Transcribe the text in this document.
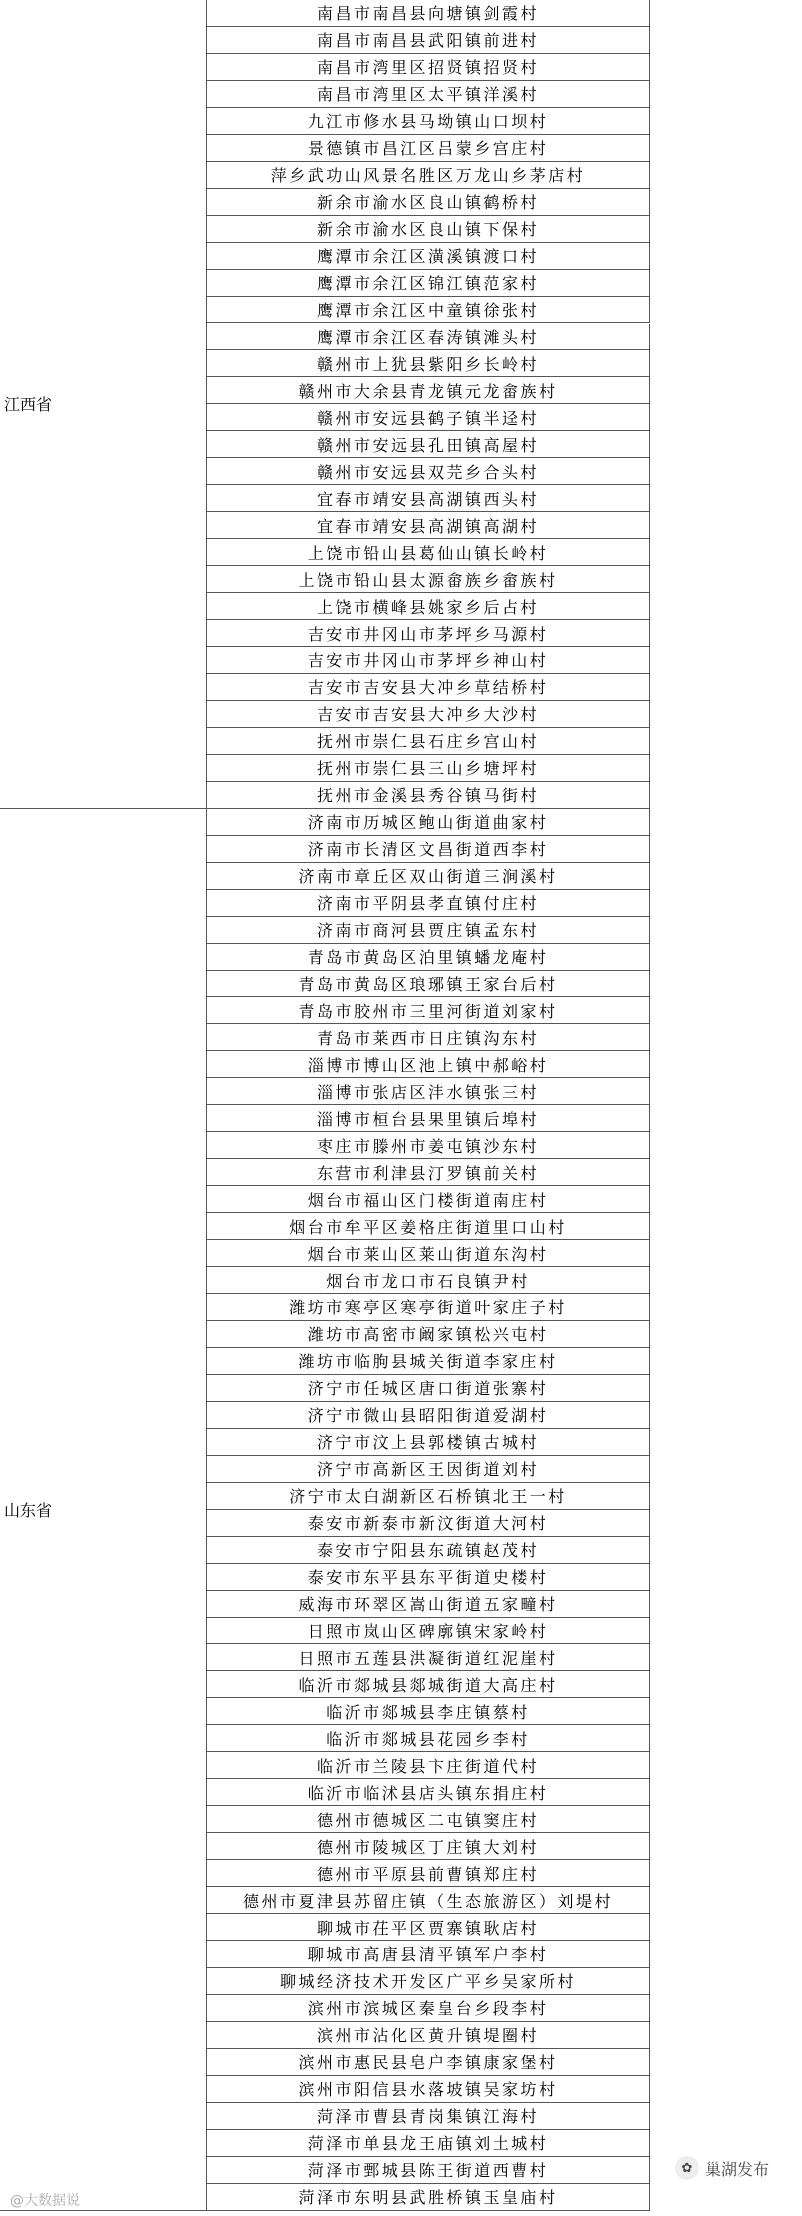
江西省
南昌市南昌县向塘镇剑霞村
南昌市南昌县武阳镇前进村
南昌市湾里区招贤镇招贤村
南昌市湾里区太平镇洋溪村
九江市修水县马坳镇山口坝村
景德镇市昌江区吕蒙乡宫庄村
萍乡武功山风景名胜区万龙山乡茅店村
新余市渝水区良山镇鹤桥村
新余市渝水区良山镇下保村
鹰潭市余江区潢溪镇渡口村
鹰潭市余江区锦江镇范家村
鹰潭市余江区中童镇徐张村
鹰潭市余江区春涛镇滩头村
赣州市上犹县紫阳乡长岭村
赣州市大余县青龙镇元龙畲族村
赣州市安远县鹤子镇半迳村
赣州市安远县孔田镇高屋村
赣州市安远县双芫乡合头村
宜春市靖安县高湖镇西头村
宜春市靖安县高湖镇高湖村
上饶市铅山县葛仙山镇长岭村
上饶市铅山县太源畲族乡畲族村
上饶市横峰县姚家乡后占村
吉安市井冈山市茅坪乡马源村
吉安市井冈山市茅坪乡神山村
吉安市吉安县大冲乡草结桥村
吉安市吉安县大冲乡大沙村
抚州市崇仁县石庄乡宫山村
抚州市崇仁县三山乡塘坪村
抚州市金溪县秀谷镇马街村
山东省
济南市历城区鲍山街道曲家村
济南市长清区文昌街道西李村
济南市章丘区双山街道三涧溪村
济南市平阴县孝直镇付庄村
济南市商河县贾庄镇孟东村
青岛市黄岛区泊里镇蟠龙庵村
青岛市黄岛区琅琊镇王家台后村
青岛市胶州市三里河街道刘家村
青岛市莱西市日庄镇沟东村
淄博市博山区池上镇中郝峪村
淄博市张店区沣水镇张三村
淄博市桓台县果里镇后埠村
枣庄市滕州市姜屯镇沙东村
东营市利津县汀罗镇前关村
烟台市福山区门楼街道南庄村
烟台市牟平区姜格庄街道里口山村
烟台市莱山区莱山街道东沟村
烟台市龙口市石良镇尹村
潍坊市寒亭区寒亭街道叶家庄子村
潍坊市高密市阚家镇松兴屯村
潍坊市临朐县城关街道李家庄村
济宁市任城区唐口街道张寨村
济宁市微山县昭阳街道爱湖村
济宁市汶上县郭楼镇古城村
济宁市高新区王因街道刘村
济宁市太白湖新区石桥镇北王一村
泰安市新泰市新汶街道大河村
泰安市宁阳县东疏镇赵茂村
泰安市东平县东平街道史楼村
威海市环翠区嵩山街道五家疃村
日照市岚山区碑廓镇宋家岭村
日照市五莲县洪凝街道红泥崖村
临沂市郯城县郯城街道大高庄村
临沂市郯城县李庄镇蔡村
临沂市郯城县花园乡李村
临沂市兰陵县卞庄街道代村
临沂市临沭县店头镇东捐庄村
德州市德城区二屯镇窦庄村
德州市陵城区丁庄镇大刘村
德州市平原县前曹镇郑庄村
德州市夏津县苏留庄镇（生态旅游区）刘堤村
聊城市茌平区贾寨镇耿店村
聊城市高唐县清平镇军户李村
聊城经济技术开发区广平乡吴家所村
滨州市滨城区秦皇台乡段李村
滨州市沾化区黄升镇堤圈村
滨州市惠民县皂户李镇康家堡村
滨州市阳信县水落坡镇吴家坊村
菏泽市曹县青岗集镇江海村
菏泽市单县龙王庙镇刘土城村
菏泽市鄄城县陈王街道西曹村
菏泽市东明县武胜桥镇玉皇庙村
@大数据说
✿ 巢湖发布
